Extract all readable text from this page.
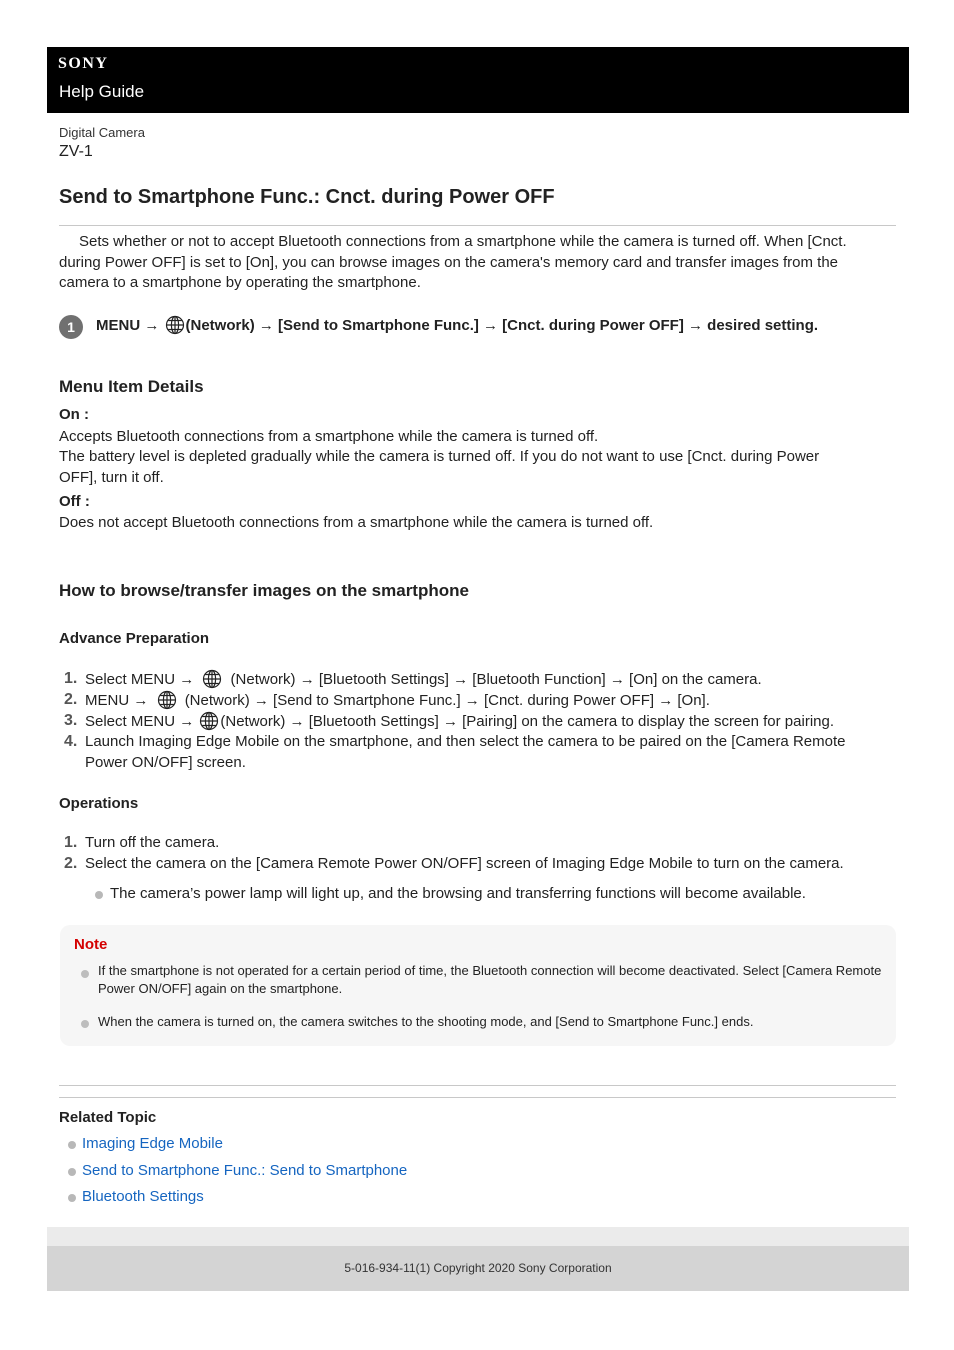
SONY
Help Guide
Digital Camera
ZV-1
Send to Smartphone Func.: Cnct. during Power OFF

Sets whether or not to accept Bluetooth connections from a smartphone while the camera is turned off. When [Cnct. during Power OFF] is set to [On], you can browse images on the camera's memory card and transfer images from the camera to a smartphone by operating the smartphone.

1	MENU → (Network) → [Send to Smartphone Func.] → [Cnct. during Power OFF] → desired setting.
Menu Item Details
On :
Accepts Bluetooth connections from a smartphone while the camera is turned off.
The battery level is depleted gradually while the camera is turned off. If you do not want to use [Cnct. during Power OFF], turn it off.
Off :
Does not accept Bluetooth connections from a smartphone while the camera is turned off.
How to browse/transfer images on the smartphone
Advance Preparation
1. Select MENU → (Network) → [Bluetooth Settings] → [Bluetooth Function] → [On] on the camera.
2. MENU → (Network) → [Send to Smartphone Func.] → [Cnct. during Power OFF] → [On].
3. Select MENU → (Network) → [Bluetooth Settings] → [Pairing] on the camera to display the screen for pairing.
4. Launch Imaging Edge Mobile on the smartphone, and then select the camera to be paired on the [Camera Remote Power ON/OFF] screen.
Operations
1. Turn off the camera.
2. Select the camera on the [Camera Remote Power ON/OFF] screen of Imaging Edge Mobile to turn on the camera.
The camera’s power lamp will light up, and the browsing and transferring functions will become available.
Note
If the smartphone is not operated for a certain period of time, the Bluetooth connection will become deactivated. Select [Camera Remote Power ON/OFF] again on the smartphone.
When the camera is turned on, the camera switches to the shooting mode, and [Send to Smartphone Func.] ends.
Related Topic
Imaging Edge Mobile
Send to Smartphone Func.: Send to Smartphone
Bluetooth Settings
5-016-934-11(1) Copyright 2020 Sony Corporation
